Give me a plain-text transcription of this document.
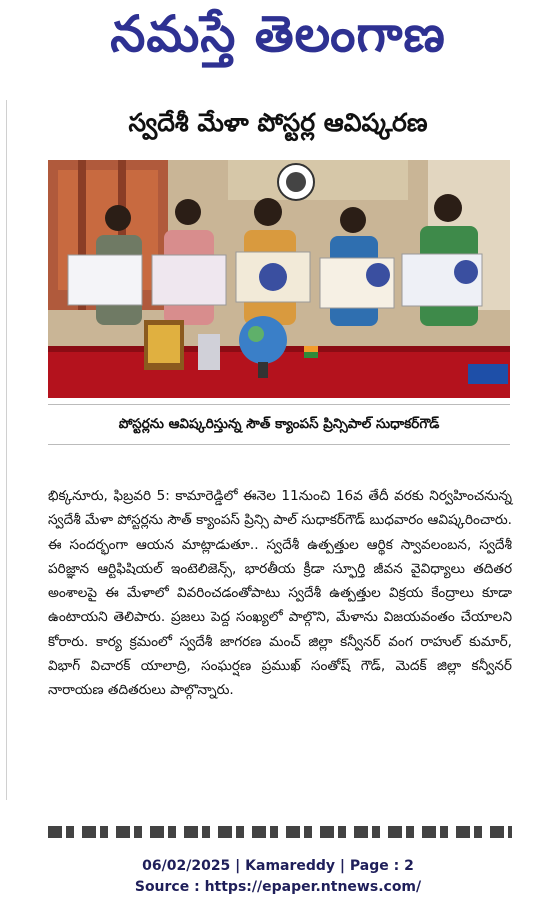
నమస్తే తెలంగాణ
స్వదేశీ మేళా పోస్టర్ల ఆవిష్కరణ
పోస్టర్లను ఆవిష్కరిస్తున్న సౌత్ క్యాంపస్ ప్రిన్సిపాల్ సుధాకర్‌గౌడ్
భిక్కనూరు, ఫిబ్రవరి 5: కామారెడ్డిలో ఈనెల 11నుంచి 16వ తేదీ వరకు నిర్వహించనున్న స్వదేశీ మేళా పోస్టర్లను సౌత్ క్యాంపస్ ప్రిన్సి పాల్ సుధాకర్‌గౌడ్ బుధవారం ఆవిష్కరించారు. ఈ సందర్భంగా ఆయన మాట్లాడుతూ.. స్వదేశీ ఉత్పత్తుల ఆర్థిక స్వావలంబన, స్వదేశీ పరిజ్ఞాన ఆర్టిఫిషియల్ ఇంటెలిజెన్స్, భారతీయ క్రీడా స్ఫూర్తి జీవన వైవిధ్యాలు తదితర అంశాలపై ఈ మేళాలో వివరించడంతోపాటు స్వదేశీ ఉత్పత్తుల విక్రయ కేంద్రాలు కూడా ఉంటాయని తెలిపారు. ప్రజలు పెద్ద సంఖ్యలో పాల్గొని, మేళాను విజయవంతం చేయాలని కోరారు. కార్య క్రమంలో స్వదేశీ జాగరణ మంచ్ జిల్లా కన్వీనర్ వంగ రాహుల్ కుమార్, విభాగ్ విచారక్ యాలాద్రి, సంఘర్షణ ప్రముఖ్ సంతోష్ గౌడ్, మెదక్ జిల్లా కన్వీనర్ నారాయణ తదితరులు పాల్గొన్నారు.
06/02/2025 | Kamareddy | Page : 2
Source : https://epaper.ntnews.com/
